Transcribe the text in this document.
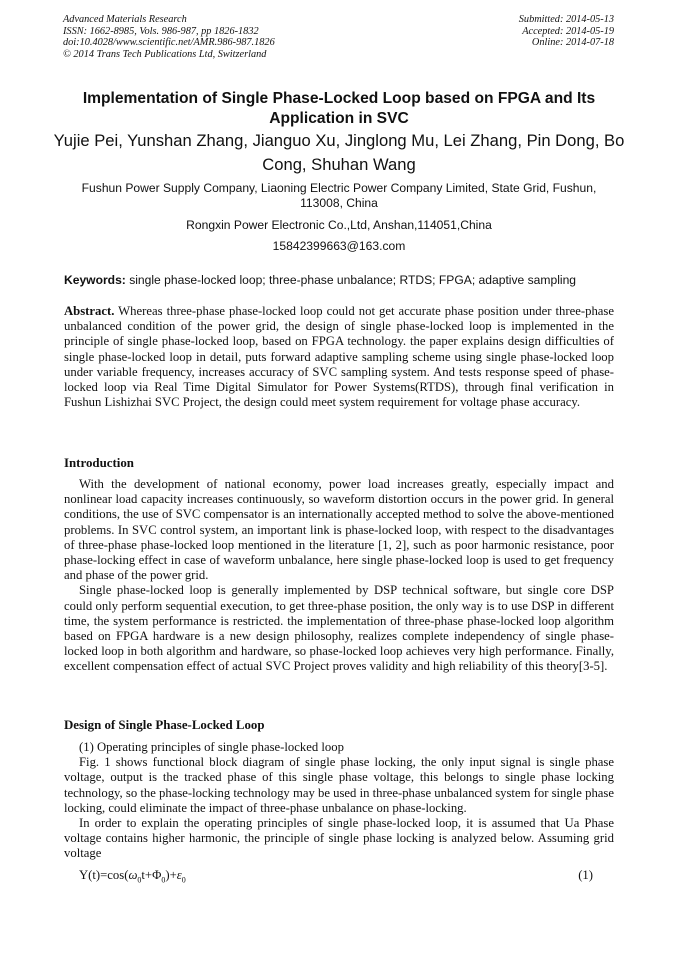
Advanced Materials Research
ISSN: 1662-8985, Vols. 986-987, pp 1826-1832
doi:10.4028/www.scientific.net/AMR.986-987.1826
© 2014 Trans Tech Publications Ltd, Switzerland
Submitted: 2014-05-13
Accepted: 2014-05-19
Online: 2014-07-18
Implementation of Single Phase-Locked Loop based on FPGA and Its Application in SVC
Yujie Pei, Yunshan Zhang, Jianguo Xu, Jinglong Mu, Lei Zhang, Pin Dong, Bo Cong, Shuhan Wang
Fushun Power Supply Company, Liaoning Electric Power Company Limited, State Grid, Fushun, 113008, China
Rongxin Power Electronic Co.,Ltd, Anshan,114051,China
15842399663@163.com
Keywords: single phase-locked loop; three-phase unbalance; RTDS; FPGA; adaptive sampling
Abstract. Whereas three-phase phase-locked loop could not get accurate phase position under three-phase unbalanced condition of the power grid, the design of single phase-locked loop is implemented in the principle of single phase-locked loop, based on FPGA technology. the paper explains design difficulties of single phase-locked loop in detail, puts forward adaptive sampling scheme using single phase-locked loop under variable frequency, increases accuracy of SVC sampling system. And tests response speed of phase-locked loop via Real Time Digital Simulator for Power Systems(RTDS), through final verification in Fushun Lishizhai SVC Project, the design could meet system requirement for voltage phase accuracy.
Introduction

With the development of national economy, power load increases greatly, especially impact and nonlinear load capacity increases continuously, so waveform distortion occurs in the power grid. In general conditions, the use of SVC compensator is an internationally accepted method to solve the above-mentioned problems. In SVC control system, an important link is phase-locked loop, with respect to the disadvantages of three-phase phase-locked loop mentioned in the literature [1, 2], such as poor harmonic resistance, poor phase-locking effect in case of waveform unbalance, here single phase-locked loop is used to get frequency and phase of the power grid.

Single phase-locked loop is generally implemented by DSP technical software, but single core DSP could only perform sequential execution, to get three-phase position, the only way is to use DSP in different time, the system performance is restricted. the implementation of three-phase phase-locked loop algorithm based on FPGA hardware is a new design philosophy, realizes complete independency of single phase-locked loop in both algorithm and hardware, so phase-locked loop achieves very high performance. Finally, excellent compensation effect of actual SVC Project proves validity and high reliability of this theory[3-5].

Design of Single Phase-Locked Loop

(1) Operating principles of single phase-locked loop

Fig. 1 shows functional block diagram of single phase locking, the only input signal is single phase voltage, output is the tracked phase of this single phase voltage, this belongs to single phase locking technology, so the phase-locking technology may be used in three-phase unbalanced system for single phase locking, could eliminate the impact of three-phase unbalance on phase-locking.

In order to explain the operating principles of single phase-locked loop, it is assumed that Ua Phase voltage contains higher harmonic, the principle of single phase locking is analyzed below. Assuming grid voltage

$Y(t)=\cos(\omega_0t+\Phi_0)+\varepsilon_0$	(1)
